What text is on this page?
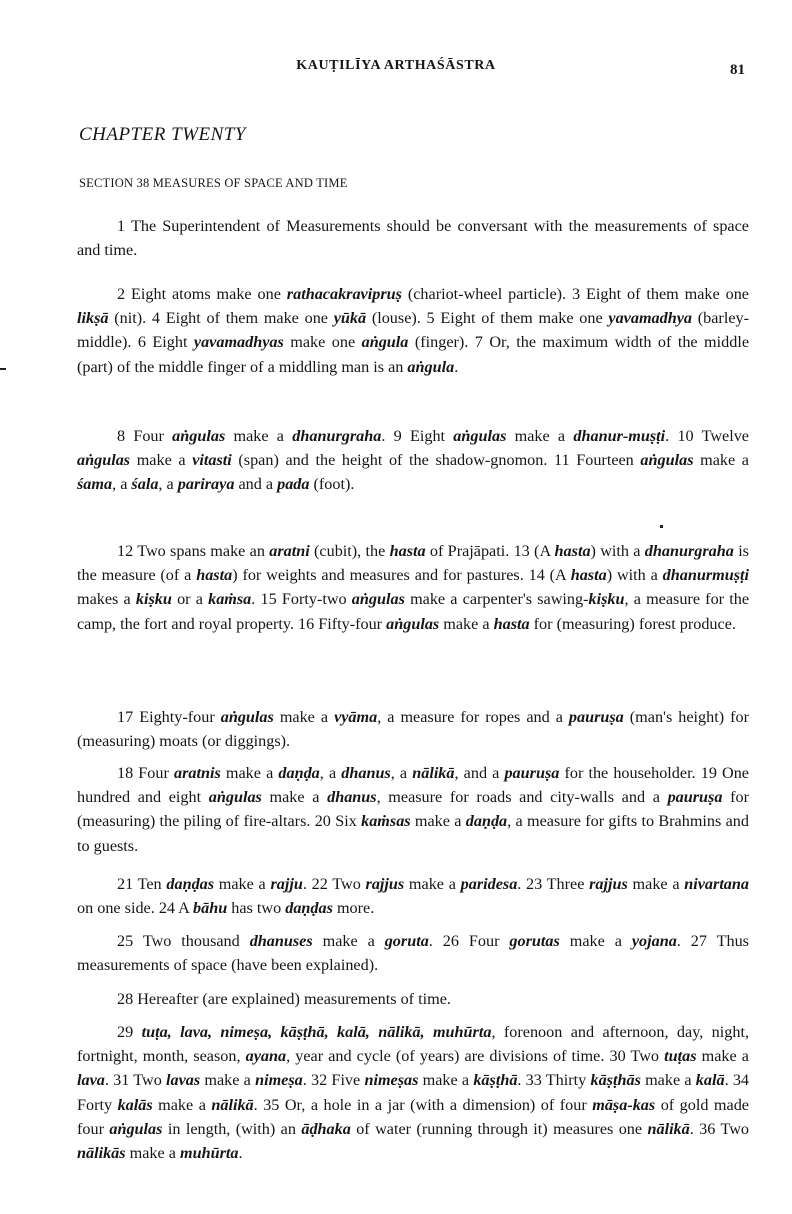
KAUṬILĪYA ARTHAŚĀSTRA	81
CHAPTER TWENTY
SECTION 38 MEASURES OF SPACE AND TIME

1 The Superintendent of Measurements should be conversant with the measurements of space and time.

2 Eight atoms make one rathacakravipruṣ (chariot-wheel particle). 3 Eight of them make one likṣā (nit). 4 Eight of them make one yūkā (louse). 5 Eight of them make one yavamadhya (barley-middle). 6 Eight yavamadhyas make one aṅgula (finger). 7 Or, the maximum width of the middle (part) of the middle finger of a middling man is an aṅgula.

8 Four aṅgulas make a dhanurgraha. 9 Eight aṅgulas make a dhanur-muṣṭi. 10 Twelve aṅgulas make a vitasti (span) and the height of the shadow-gnomon. 11 Fourteen aṅgulas make a śama, a śala, a pariraya and a pada (foot).

12 Two spans make an aratni (cubit), the hasta of Prajāpati. 13 (A hasta) with a dhanurgraha is the measure (of a hasta) for weights and measures and for pastures. 14 (A hasta) with a dhanurmuṣṭi makes a kiṣku or a kaṁsa. 15 Forty-two aṅgulas make a carpenter's sawing-kiṣku, a measure for the camp, the fort and royal property. 16 Fifty-four aṅgulas make a hasta for (measuring) forest produce.

17 Eighty-four aṅgulas make a vyāma, a measure for ropes and a pauruṣa (man's height) for (measuring) moats (or diggings).

18 Four aratnis make a daṇḍa, a dhanus, a nālikā, and a pauruṣa for the householder. 19 One hundred and eight aṅgulas make a dhanus, measure for roads and city-walls and a pauruṣa for (measuring) the piling of fire-altars. 20 Six kaṁsas make a daṇḍa, a measure for gifts to Brahmins and to guests.

21 Ten daṇḍas make a rajju. 22 Two rajjus make a paridesa. 23 Three rajjus make a nivartana on one side. 24 A bāhu has two daṇḍas more.

25 Two thousand dhanuses make a goruta. 26 Four gorutas make a yojana. 27 Thus measurements of space (have been explained).

28 Hereafter (are explained) measurements of time.

29 tuṭa, lava, nimeṣa, kāṣṭhā, kalā, nālikā, muhūrta, forenoon and afternoon, day, night, fortnight, month, season, ayana, year and cycle (of years) are divisions of time. 30 Two tuṭas make a lava. 31 Two lavas make a nimeṣa. 32 Five nimeṣas make a kāṣṭhā. 33 Thirty kāṣṭhās make a kalā. 34 Forty kalās make a nālikā. 35 Or, a hole in a jar (with a dimension) of four māṣa-kas of gold made four aṅgulas in length, (with) an āḍhaka of water (running through it) measures one nālikā. 36 Two nālikās make a muhūrta.
